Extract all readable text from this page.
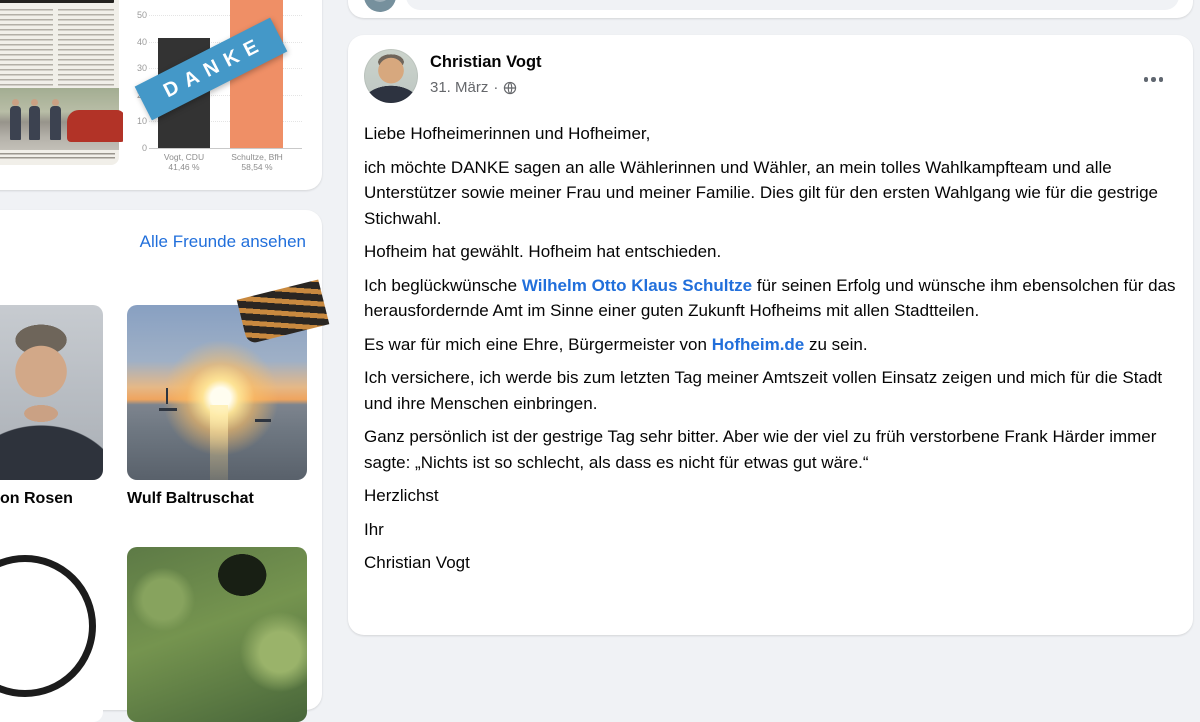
0
10
30
40
50
Vogt, CDU
41,46 %
Schultze, BfH
58,54 %
DANKE
Alle Freunde ansehen
on Rosen	Wulf Baltruschat
Christian Vogt
31. März ·

Liebe Hofheimerinnen und Hofheimer,

ich möchte DANKE sagen an alle Wählerinnen und Wähler, an mein tolles Wahlkampfteam und alle Unterstützer sowie meiner Frau und meiner Familie. Dies gilt für den ersten Wahlgang wie für die gestrige Stichwahl.

Hofheim hat gewählt. Hofheim hat entschieden.

Ich beglückwünsche Wilhelm Otto Klaus Schultze für seinen Erfolg und wünsche ihm ebensolchen für das herausfordernde Amt im Sinne einer guten Zukunft Hofheims mit allen Stadtteilen.

Es war für mich eine Ehre, Bürgermeister von Hofheim.de zu sein.

Ich versichere, ich werde bis zum letzten Tag meiner Amtszeit vollen Einsatz zeigen und mich für die Stadt und ihre Menschen einbringen.

Ganz persönlich ist der gestrige Tag sehr bitter. Aber wie der viel zu früh verstorbene Frank Härder immer sagte: „Nichts ist so schlecht, als dass es nicht für etwas gut wäre.“

Herzlichst

Ihr

Christian Vogt
